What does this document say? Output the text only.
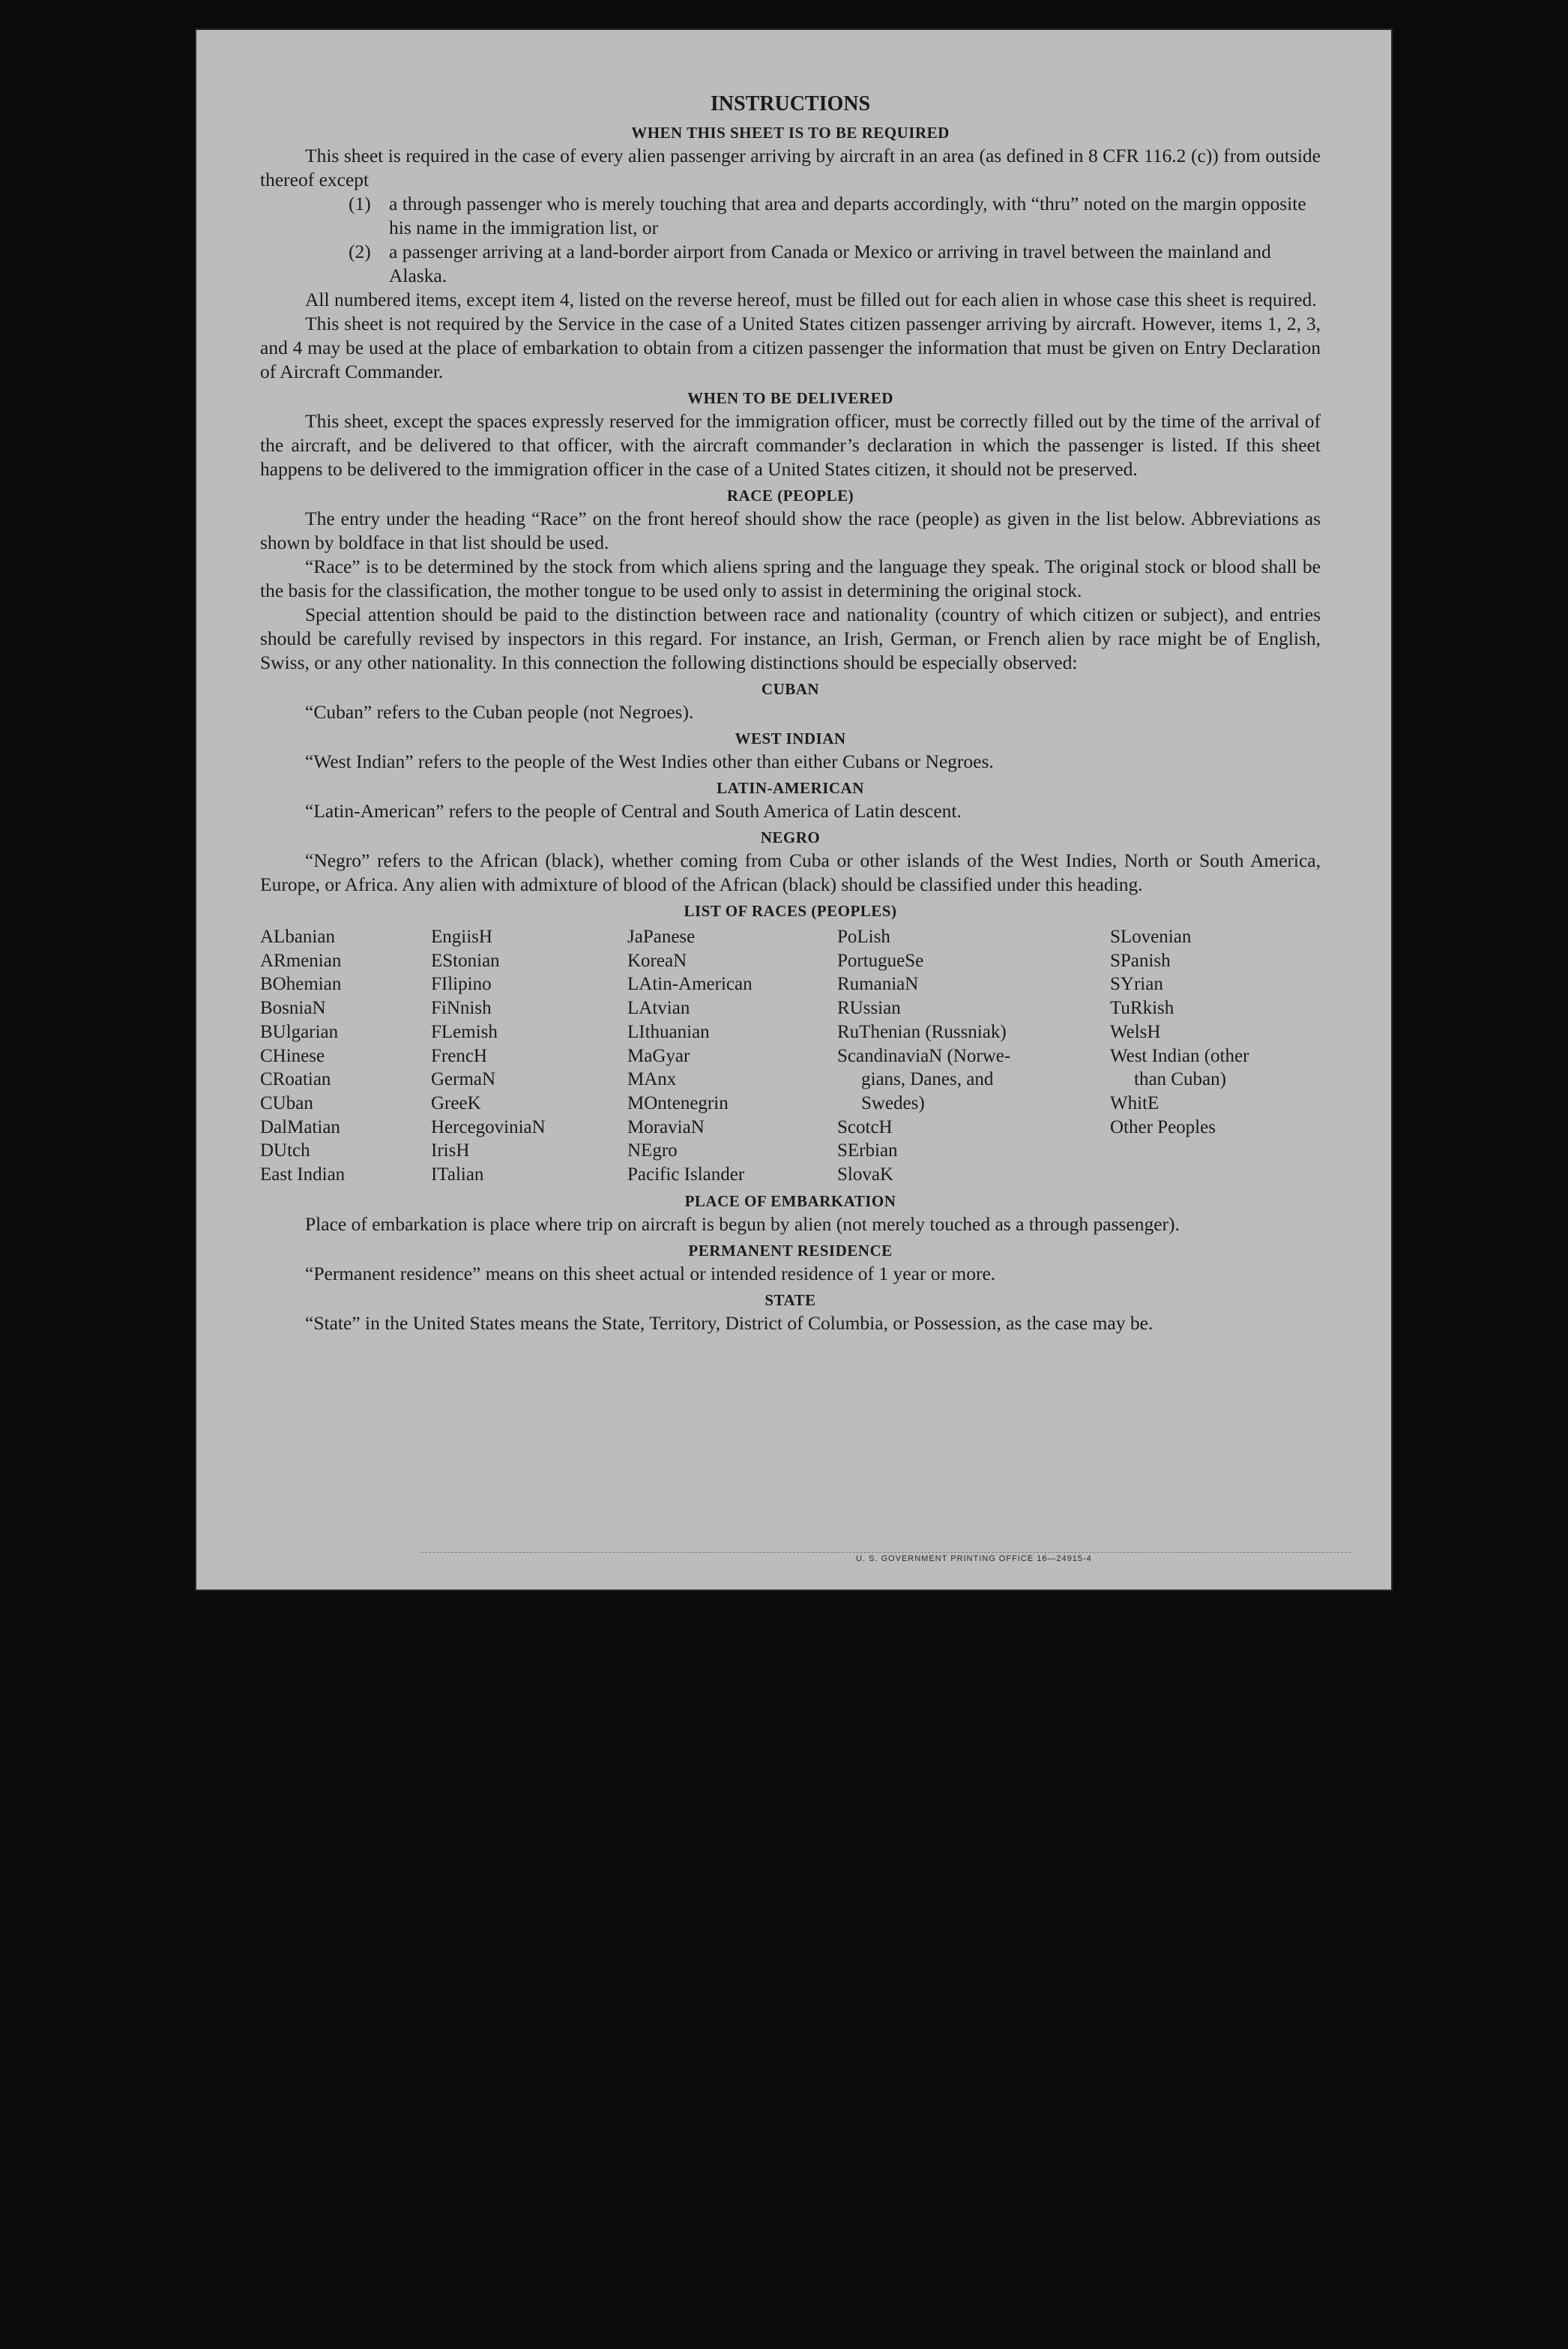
INSTRUCTIONS
WHEN THIS SHEET IS TO BE REQUIRED

This sheet is required in the case of every alien passenger arriving by aircraft in an area (as defined in 8 CFR 116.2 (c)) from outside thereof except

(1) a through passenger who is merely touching that area and departs accordingly, with “thru” noted on the margin opposite his name in the immigration list, or
(2) a passenger arriving at a land-border airport from Canada or Mexico or arriving in travel between the mainland and Alaska.

All numbered items, except item 4, listed on the reverse hereof, must be filled out for each alien in whose case this sheet is required.

This sheet is not required by the Service in the case of a United States citizen passenger arriving by aircraft. However, items 1, 2, 3, and 4 may be used at the place of embarkation to obtain from a citizen passenger the information that must be given on Entry Declaration of Aircraft Commander.

WHEN TO BE DELIVERED

This sheet, except the spaces expressly reserved for the immigration officer, must be correctly filled out by the time of the arrival of the aircraft, and be delivered to that officer, with the aircraft commander’s declaration in which the passenger is listed. If this sheet happens to be delivered to the immigration officer in the case of a United States citizen, it should not be preserved.

RACE (PEOPLE)

The entry under the heading “Race” on the front hereof should show the race (people) as given in the list below. Abbreviations as shown by boldface in that list should be used.

“Race” is to be determined by the stock from which aliens spring and the language they speak. The original stock or blood shall be the basis for the classification, the mother tongue to be used only to assist in determining the original stock.

Special attention should be paid to the distinction between race and nationality (country of which citizen or subject), and entries should be carefully revised by inspectors in this regard. For instance, an Irish, German, or French alien by race might be of English, Swiss, or any other nationality. In this connection the following distinctions should be especially observed:

CUBAN

“Cuban” refers to the Cuban people (not Negroes).

WEST INDIAN

“West Indian” refers to the people of the West Indies other than either Cubans or Negroes.

LATIN-AMERICAN

“Latin-American” refers to the people of Central and South America of Latin descent.

NEGRO

“Negro” refers to the African (black), whether coming from Cuba or other islands of the West Indies, North or South America, Europe, or Africa. Any alien with admixture of blood of the African (black) should be classified under this heading.

LIST OF RACES (PEOPLES)
ALbanian
ARmenian
BOhemian
BosniaN
BUlgarian
CHinese
CRoatian
CUban
DalMatian
DUtch
East Indian
EngiisH
EStonian
FIlipino
FiNnish
FLemish
FrencH
GermaN
GreeK
HercegoviniaN
IrisH
ITalian
JaPanese
KoreaN
LAtin-American
LAtvian
LIthuanian
MaGyar
MAnx
MOntenegrin
MoraviaN
NEgro
Pacific Islander
PoLish
PortugueSe
RumaniaN
RUssian
RuThenian (Russniak)
ScandinaviaN (Norwe-
gians, Danes, and
Swedes)
ScotcH
SErbian
SlovaK
SLovenian
SPanish
SYrian
TuRkish
WelsH
West Indian (other
than Cuban)
WhitE
Other Peoples
PLACE OF EMBARKATION

Place of embarkation is place where trip on aircraft is begun by alien (not merely touched as a through passenger).

PERMANENT RESIDENCE

“Permanent residence” means on this sheet actual or intended residence of 1 year or more.

STATE

“State” in the United States means the State, Territory, District of Columbia, or Possession, as the case may be.

U. S. GOVERNMENT PRINTING OFFICE 16—24915-4
